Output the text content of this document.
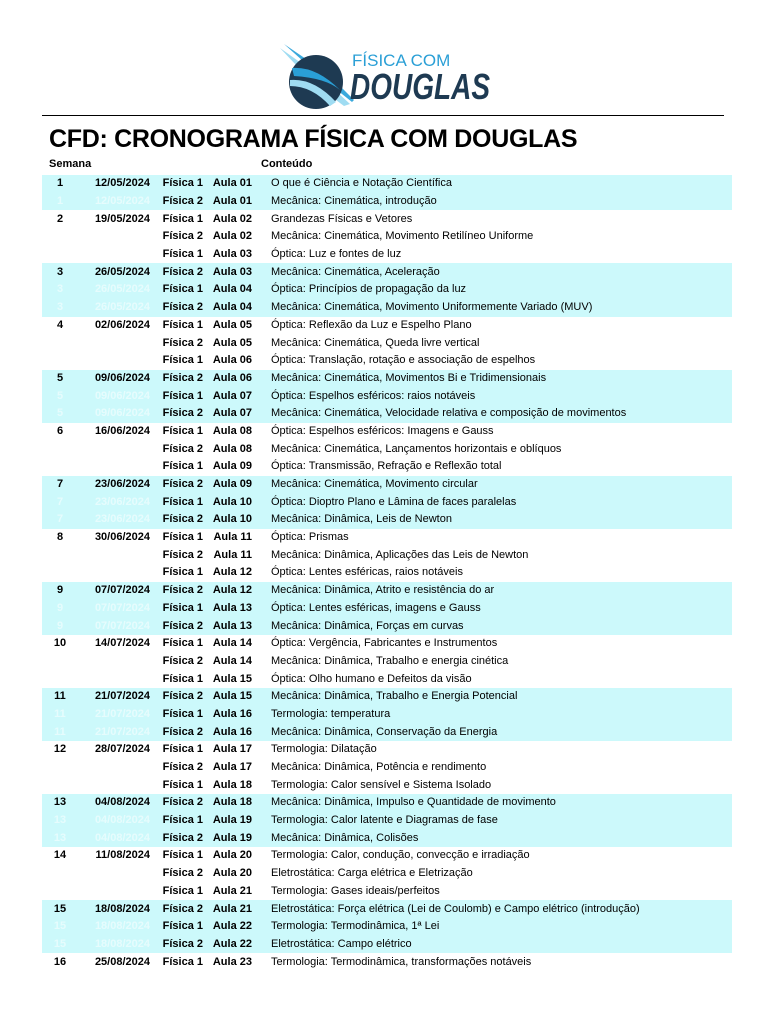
FÍSICA COM
DOUGLAS
CFD: CRONOGRAMA FÍSICA COM DOUGLAS
Semana	Conteúdo
1	12/05/2024	Física 1	Aula 01	O que é Ciência e Notação Científica
1	12/05/2024	Física 2	Aula 01	Mecânica: Cinemática, introdução
2	19/05/2024	Física 1	Aula 02	Grandezas Físicas e Vetores
		Física 2	Aula 02	Mecânica: Cinemática, Movimento Retilíneo Uniforme
		Física 1	Aula 03	Óptica: Luz e fontes de luz
3	26/05/2024	Física 2	Aula 03	Mecânica: Cinemática, Aceleração
3	26/05/2024	Física 1	Aula 04	Óptica: Princípios de propagação da luz
3	26/05/2024	Física 2	Aula 04	Mecânica: Cinemática, Movimento Uniformemente Variado (MUV)
4	02/06/2024	Física 1	Aula 05	Óptica: Reflexão da Luz e Espelho Plano
		Física 2	Aula 05	Mecânica: Cinemática, Queda livre vertical
		Física 1	Aula 06	Óptica: Translação, rotação e associação de espelhos
5	09/06/2024	Física 2	Aula 06	Mecânica: Cinemática, Movimentos Bi e Tridimensionais
5	09/06/2024	Física 1	Aula 07	Óptica: Espelhos esféricos: raios notáveis
5	09/06/2024	Física 2	Aula 07	Mecânica: Cinemática, Velocidade relativa e composição de movimentos
6	16/06/2024	Física 1	Aula 08	Óptica: Espelhos esféricos: Imagens e Gauss
		Física 2	Aula 08	Mecânica: Cinemática, Lançamentos horizontais e oblíquos
		Física 1	Aula 09	Óptica: Transmissão, Refração e Reflexão total
7	23/06/2024	Física 2	Aula 09	Mecânica: Cinemática, Movimento circular
7	23/06/2024	Física 1	Aula 10	Óptica: Dioptro Plano e Lâmina de faces paralelas
7	23/06/2024	Física 2	Aula 10	Mecânica: Dinâmica, Leis de Newton
8	30/06/2024	Física 1	Aula 11	Óptica: Prismas
		Física 2	Aula 11	Mecânica: Dinâmica, Aplicações das Leis de Newton
		Física 1	Aula 12	Óptica: Lentes esféricas, raios notáveis
9	07/07/2024	Física 2	Aula 12	Mecânica: Dinâmica, Atrito e resistência do ar
9	07/07/2024	Física 1	Aula 13	Óptica: Lentes esféricas, imagens e Gauss
9	07/07/2024	Física 2	Aula 13	Mecânica: Dinâmica, Forças em curvas
10	14/07/2024	Física 1	Aula 14	Óptica: Vergência, Fabricantes e Instrumentos
		Física 2	Aula 14	Mecânica: Dinâmica, Trabalho e energia cinética
		Física 1	Aula 15	Óptica: Olho humano e Defeitos da visão
11	21/07/2024	Física 2	Aula 15	Mecânica: Dinâmica, Trabalho e Energia Potencial
11	21/07/2024	Física 1	Aula 16	Termologia: temperatura
11	21/07/2024	Física 2	Aula 16	Mecânica: Dinâmica, Conservação da Energia
12	28/07/2024	Física 1	Aula 17	Termologia: Dilatação
		Física 2	Aula 17	Mecânica: Dinâmica, Potência e rendimento
		Física 1	Aula 18	Termologia: Calor sensível e Sistema Isolado
13	04/08/2024	Física 2	Aula 18	Mecânica: Dinâmica, Impulso e Quantidade de movimento
13	04/08/2024	Física 1	Aula 19	Termologia: Calor latente e Diagramas de fase
13	04/08/2024	Física 2	Aula 19	Mecânica: Dinâmica, Colisões
14	11/08/2024	Física 1	Aula 20	Termologia: Calor, condução, convecção e irradiação
		Física 2	Aula 20	Eletrostática: Carga elétrica e Eletrização
		Física 1	Aula 21	Termologia: Gases ideais/perfeitos
15	18/08/2024	Física 2	Aula 21	Eletrostática: Força elétrica (Lei de Coulomb) e Campo elétrico (introdução)
15	18/08/2024	Física 1	Aula 22	Termologia: Termodinâmica, 1ª Lei
15	18/08/2024	Física 2	Aula 22	Eletrostática: Campo elétrico
16	25/08/2024	Física 1	Aula 23	Termologia: Termodinâmica, transformações notáveis
